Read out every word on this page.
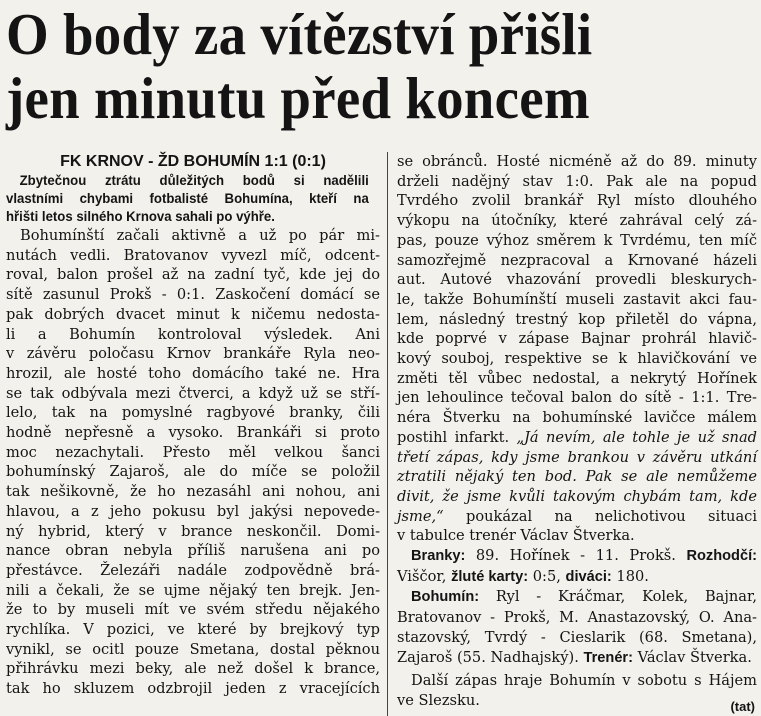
O body za vítězství přišli
jen minutu před koncem
FK KRNOV - ŽD BOHUMÍN 1:1 (0:1)
Zbytečnou ztrátu důležitých bodů si nadělili
vlastními chybami fotbalisté Bohumína, kteří na
hřišti letos silného Krnova sahali po výhře.
Bohumínští začali aktivně a už po pár mi-
nutách vedli. Bratovanov vyvezl míč, odcent-
roval, balon prošel až na zadní tyč, kde jej do
sítě zasunul Prokš - 0:1. Zaskočení domácí se
pak dobrých dvacet minut k ničemu nedosta-
li a Bohumín kontroloval výsledek. Ani
v závěru poločasu Krnov brankáře Ryla neo-
hrozil, ale hosté toho domácího také ne. Hra
se tak odbývala mezi čtverci, a když už se stří-
lelo, tak na pomyslné ragbyové branky, čili
hodně nepřesně a vysoko. Brankáři si proto
moc nezachytali. Přesto měl velkou šanci
bohumínský Zajaroš, ale do míče se položil
tak nešikovně, že ho nezasáhl ani nohou, ani
hlavou, a z jeho pokusu byl jakýsi nepovede-
ný hybrid, který v brance neskončil. Domi-
nance obran nebyla příliš narušena ani po
přestávce. Železáři nadále zodpovědně brá-
nili a čekali, že se ujme nějaký ten brejk. Jen-
že to by museli mít ve svém středu nějakého
rychlíka. V pozici, ve které by brejkový typ
vynikl, se ocitl pouze Smetana, dostal pěknou
přihrávku mezi beky, ale než došel k brance,
tak ho skluzem odzbrojil jeden z vracejících
se obránců. Hosté nicméně až do 89. minuty
drželi nadějný stav 1:0. Pak ale na popud
Tvrdého zvolil brankář Ryl místo dlouhého
výkopu na útočníky, které zahrával celý zá-
pas, pouze výhoz směrem k Tvrdému, ten míč
samozřejmě nezpracoval a Krnované házeli
aut. Autové vhazování provedli bleskurych-
le, takže Bohumínští museli zastavit akci fau-
lem, následný trestný kop přiletěl do vápna,
kde poprvé v zápase Bajnar prohrál hlavič-
kový souboj, respektive se k hlavičkování ve
změti těl vůbec nedostal, a nekrytý Hořínek
jen lehoulince tečoval balon do sítě - 1:1. Tre-
néra Štverku na bohumínské lavičce málem
postihl infarkt. „Já nevím, ale tohle je už snad
třetí zápas, kdy jsme brankou v závěru utkání
ztratili nějaký ten bod. Pak se ale nemůžeme
divit, že jsme kvůli takovým chybám tam, kde
jsme,“ poukázal na nelichotivou situaci
v tabulce trenér Václav Štverka.
Branky: 89. Hořínek - 11. Prokš. Rozhodčí:
Viščor, žluté karty: 0:5, diváci: 180.
Bohumín: Ryl - Kráčmar, Kolek, Bajnar,
Bratovanov - Prokš, M. Anastazovský, O. Ana-
stazovský, Tvrdý - Cieslarik (68. Smetana),
Zajaroš (55. Nadhajský). Trenér: Václav Štverka.
Další zápas hraje Bohumín v sobotu s Hájem
ve Slezsku.	(tat)
